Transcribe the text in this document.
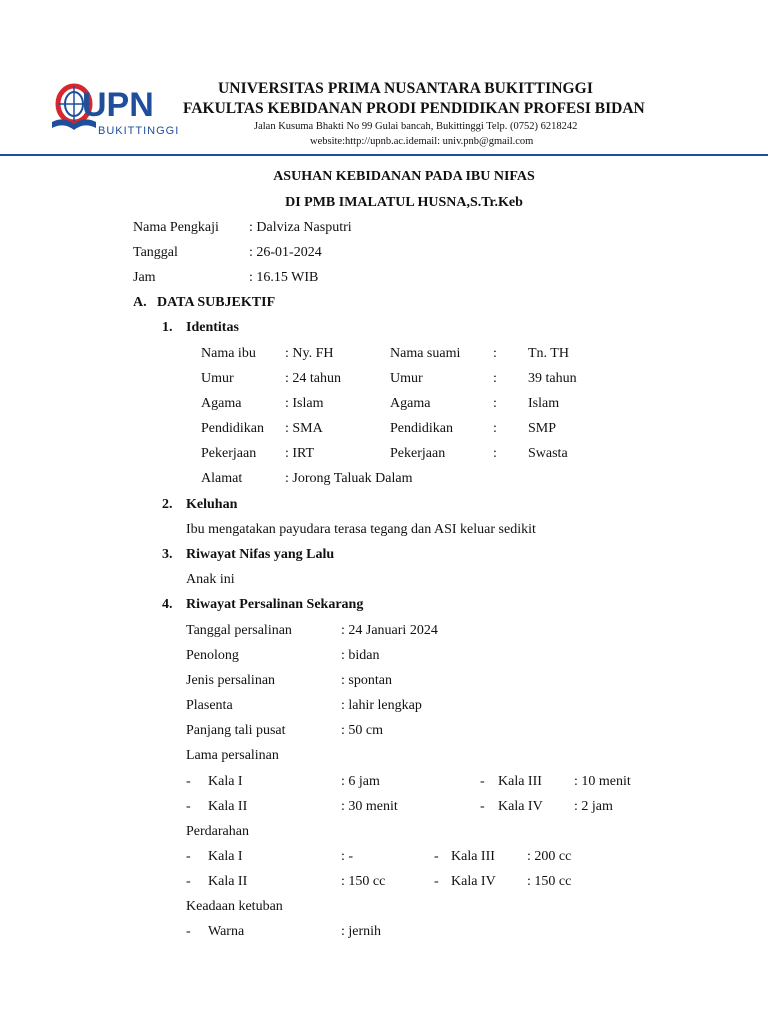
UPN
BUKITTINGGI
UNIVERSITAS PRIMA NUSANTARA BUKITTINGGI
FAKULTAS KEBIDANAN PRODI PENDIDIKAN PROFESI BIDAN
Jalan Kusuma Bhakti No 99 Gulai bancah, Bukittinggi Telp. (0752) 6218242
website:http://upnb.ac.idemail: univ.pnb@gmail.com
ASUHAN KEBIDANAN PADA IBU NIFAS
DI PMB IMALATUL HUSNA,S.Tr.Keb
Nama Pengkaji : Dalviza Nasputri
Tanggal	: 26-01-2024
Jam	: 16.15 WIB
A. DATA SUBJEKTIF
1. Identitas
Nama ibu : Ny. FH	Nama suami : Tn. TH
Umur	: 24 tahun	Umur	: 39 tahun
Agama	: Islam	Agama	: Islam
Pendidikan : SMA	Pendidikan	: SMP
Pekerjaan : IRT	Pekerjaan	: Swasta
Alamat	: Jorong Taluak Dalam
2. Keluhan
Ibu mengatakan payudara terasa tegang dan ASI keluar sedikit
3. Riwayat Nifas yang Lalu
Anak ini
4. Riwayat Persalinan Sekarang
Tanggal persalinan	: 24 Januari 2024
Penolong	: bidan
Jenis persalinan	: spontan
Plasenta	: lahir lengkap
Panjang tali pusat	: 50 cm
Lama persalinan
- Kala I	: 6 jam	- Kala III : 10 menit
- Kala II	: 30 menit	- Kala IV : 2 jam
Perdarahan
- Kala I	: -	- Kala III : 200 cc
- Kala II	: 150 cc	- Kala IV : 150 cc
Keadaan ketuban
- Warna	: jernih
